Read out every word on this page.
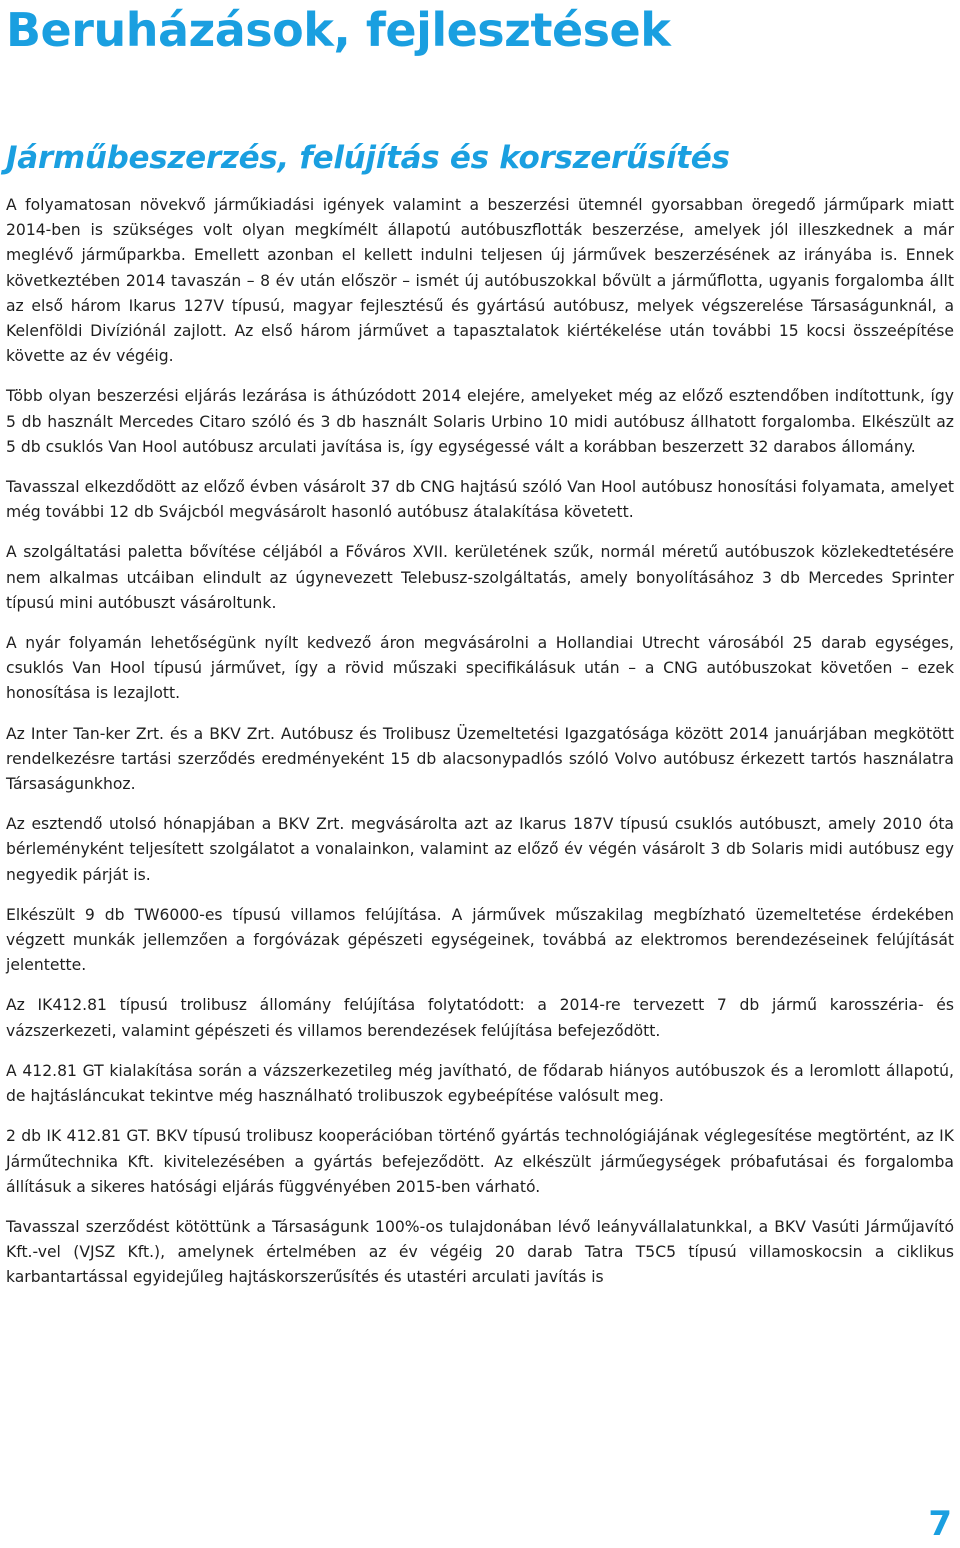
Beruházások, fejlesztések
Járműbeszerzés, felújítás és korszerűsítés

A folyamatosan növekvő járműkiadási igények valamint a beszerzési ütemnél gyorsabban öregedő járműpark miatt 2014-ben is szükséges volt olyan megkímélt állapotú autóbuszflották beszerzése, amelyek jól illeszkednek a már meglévő járműparkba. Emellett azonban el kellett indulni teljesen új járművek beszerzésének az irányába is. Ennek következtében 2014 tavaszán – 8 év után először – ismét új autóbuszokkal bővült a járműflotta, ugyanis forgalomba állt az első három Ikarus 127V típusú, magyar fejlesztésű és gyártású autóbusz, melyek végszerelése Társaságunknál, a Kelenföldi Divíziónál zajlott. Az első három járművet a tapasztalatok kiértékelése után további 15 kocsi összeépítése követte az év végéig.

Több olyan beszerzési eljárás lezárása is áthúzódott 2014 elejére, amelyeket még az előző esztendőben indítottunk, így 5 db használt Mercedes Citaro szóló és 3 db használt Solaris Urbino 10 midi autóbusz állhatott forgalomba. Elkészült az 5 db csuklós Van Hool autóbusz arculati javítása is, így egységessé vált a korábban beszerzett 32 darabos állomány.

Tavasszal elkezdődött az előző évben vásárolt 37 db CNG hajtású szóló Van Hool autóbusz honosítási folyamata, amelyet még további 12 db Svájcból megvásárolt hasonló autóbusz átalakítása követett.

A szolgáltatási paletta bővítése céljából a Főváros XVII. kerületének szűk, normál méretű autóbuszok közlekedtetésére nem alkalmas utcáiban elindult az úgynevezett Telebusz-szolgáltatás, amely bonyolításához 3 db Mercedes Sprinter típusú mini autóbuszt vásároltunk.

A nyár folyamán lehetőségünk nyílt kedvező áron megvásárolni a Hollandiai Utrecht városából 25 darab egységes, csuklós Van Hool típusú járművet, így a rövid műszaki specifikálásuk után – a CNG autóbuszokat követően – ezek honosítása is lezajlott.

Az Inter Tan-ker Zrt. és a BKV Zrt. Autóbusz és Trolibusz Üzemeltetési Igazgatósága között 2014 januárjában megkötött rendelkezésre tartási szerződés eredményeként 15 db alacsonypadlós szóló Volvo autóbusz érkezett tartós használatra Társaságunkhoz.

Az esztendő utolsó hónapjában a BKV Zrt. megvásárolta azt az Ikarus 187V típusú csuklós autóbuszt, amely 2010 óta bérleményként teljesített szolgálatot a vonalainkon, valamint az előző év végén vásárolt 3 db Solaris midi autóbusz egy negyedik párját is.

Elkészült 9 db TW6000-es típusú villamos felújítása. A járművek műszakilag megbízható üzemeltetése érdekében végzett munkák jellemzően a forgóvázak gépészeti egységeinek, továbbá az elektromos berendezéseinek felújítását jelentette.

Az IK412.81 típusú trolibusz állomány felújítása folytatódott: a 2014-re tervezett 7 db jármű karosszéria- és vázszerkezeti, valamint gépészeti és villamos berendezések felújítása befejeződött.

A 412.81 GT kialakítása során a vázszerkezetileg még javítható, de fődarab hiányos autóbuszok és a leromlott állapotú, de hajtásláncukat tekintve még használható trolibuszok egybeépítése valósult meg.

2 db IK 412.81 GT. BKV típusú trolibusz kooperációban történő gyártás technológiájának véglegesítése megtörtént, az IK Járműtechnika Kft. kivitelezésében a gyártás befejeződött. Az elkészült járműegységek próbafutásai és forgalomba állításuk a sikeres hatósági eljárás függvényében 2015-ben várható.

Tavasszal szerződést kötöttünk a Társaságunk 100%-os tulajdonában lévő leányvállalatunkkal, a BKV Vasúti Járműjavító Kft.-vel (VJSZ Kft.), amelynek értelmében az év végéig 20 darab Tatra T5C5 típusú villamoskocsin a ciklikus karbantartással egyidejűleg hajtáskorszerűsítés és utastéri arculati javítás is

7
